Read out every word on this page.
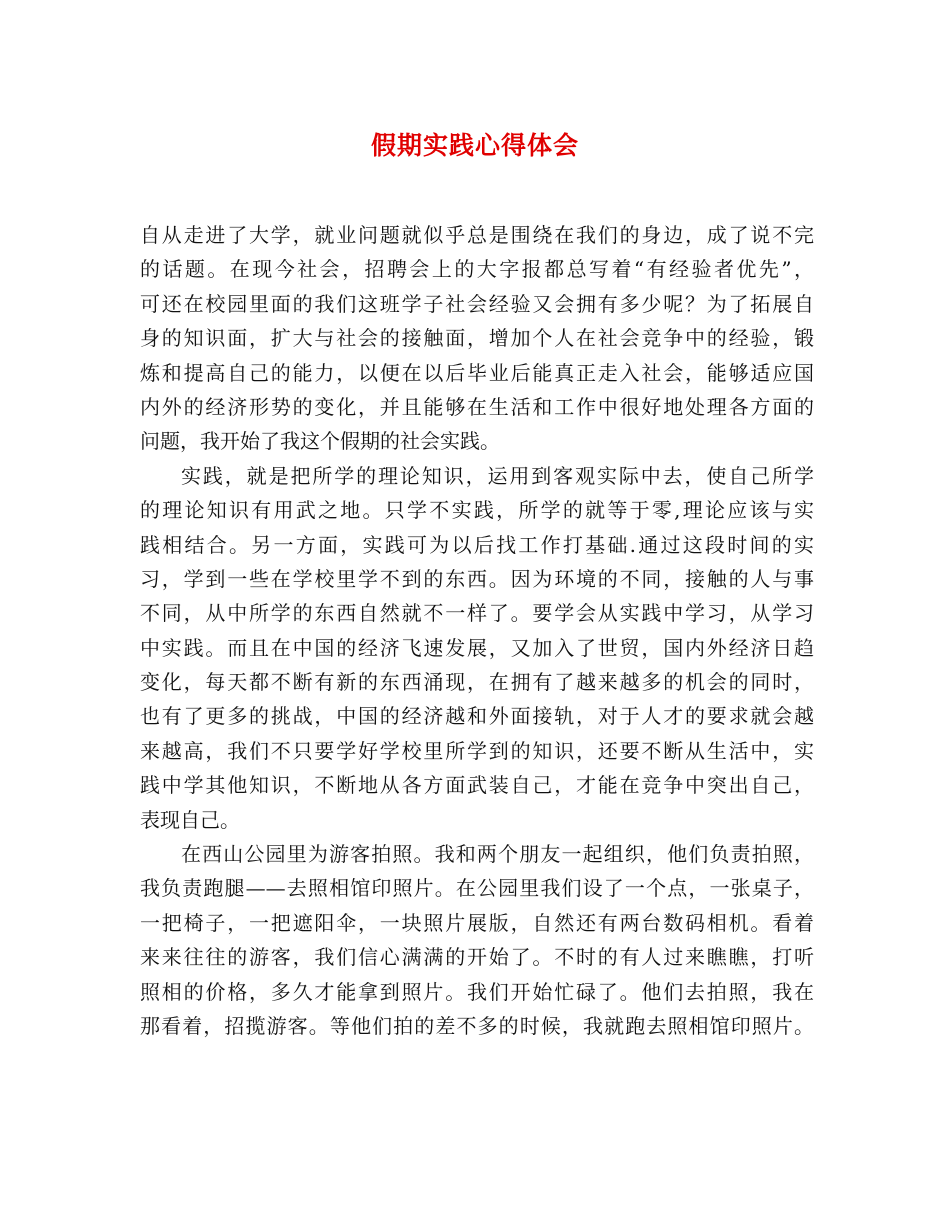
假期实践心得体会
自从走进了大学，就业问题就似乎总是围绕在我们的身边，成了说不完
的话题。在现今社会，招聘会上的大字报都总写着“有经验者优先”，
可还在校园里面的我们这班学子社会经验又会拥有多少呢？为了拓展自
身的知识面，扩大与社会的接触面，增加个人在社会竞争中的经验，锻
炼和提高自己的能力，以便在以后毕业后能真正走入社会，能够适应国
内外的经济形势的变化，并且能够在生活和工作中很好地处理各方面的
问题，我开始了我这个假期的社会实践。
实践，就是把所学的理论知识，运用到客观实际中去，使自己所学
的理论知识有用武之地。只学不实践，所学的就等于零,理论应该与实
践相结合。另一方面，实践可为以后找工作打基础.通过这段时间的实
习，学到一些在学校里学不到的东西。因为环境的不同，接触的人与事
不同，从中所学的东西自然就不一样了。要学会从实践中学习，从学习
中实践。而且在中国的经济飞速发展，又加入了世贸，国内外经济日趋
变化，每天都不断有新的东西涌现，在拥有了越来越多的机会的同时，
也有了更多的挑战，中国的经济越和外面接轨，对于人才的要求就会越
来越高，我们不只要学好学校里所学到的知识，还要不断从生活中，实
践中学其他知识，不断地从各方面武装自己，才能在竞争中突出自己，
表现自己。
在西山公园里为游客拍照。我和两个朋友一起组织，他们负责拍照，
我负责跑腿——去照相馆印照片。在公园里我们设了一个点，一张桌子，
一把椅子，一把遮阳伞，一块照片展版，自然还有两台数码相机。看着
来来往往的游客，我们信心满满的开始了。不时的有人过来瞧瞧，打听
照相的价格，多久才能拿到照片。我们开始忙碌了。他们去拍照，我在
那看着，招揽游客。等他们拍的差不多的时候，我就跑去照相馆印照片。
